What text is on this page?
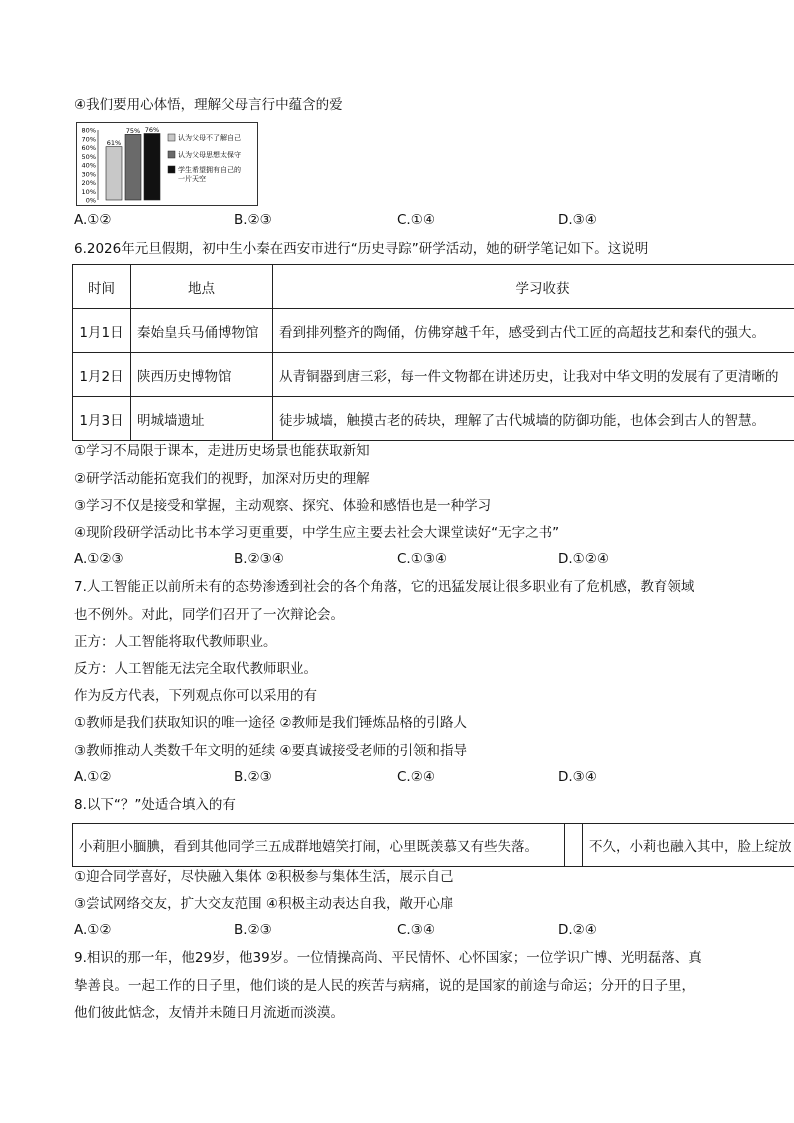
④我们要用心体悟，理解父母言行中蕴含的爱
80%
70%
60%
50%
40%
30%
20%
10%
0%
61%
75% 76%
认为父母不了解自己
认为父母思想太保守
学生希望拥有自己的
一片天空
A.①②	B.②③	C.①④	D.③④
6.2026年元旦假期，初中生小秦在西安市进行“历史寻踪”研学活动，她的研学笔记如下。这说明
时间	地点	学习收获
1月1日	秦始皇兵马俑博物馆	看到排列整齐的陶俑，仿佛穿越千年，感受到古代工匠的高超技艺和秦代的强大。
1月2日	陕西历史博物馆	从青铜器到唐三彩，每一件文物都在讲述历史，让我对中华文明的发展有了更清晰的
1月3日	明城墙遗址	徒步城墙，触摸古老的砖块，理解了古代城墙的防御功能，也体会到古人的智慧。
①学习不局限于课本，走进历史场景也能获取新知
②研学活动能拓宽我们的视野，加深对历史的理解
③学习不仅是接受和掌握，主动观察、探究、体验和感悟也是一种学习
④现阶段研学活动比书本学习更重要，中学生应主要去社会大课堂读好“无字之书”
A.①②③	B.②③④	C.①③④	D.①②④
7.人工智能正以前所未有的态势渗透到社会的各个角落，它的迅猛发展让很多职业有了危机感，教育领域
也不例外。对此，同学们召开了一次辩论会。
正方：人工智能将取代教师职业。
反方：人工智能无法完全取代教师职业。
作为反方代表，下列观点你可以采用的有
①教师是我们获取知识的唯一途径 ②教师是我们锤炼品格的引路人
③教师推动人类数千年文明的延续 ④要真诚接受老师的引领和指导
A.①②	B.②③	C.②④	D.③④
8.以下“？”处适合填入的有
小莉胆小腼腆，看到其他同学三五成群地嬉笑打闹，心里既羡慕又有些失落。		不久，小莉也融入其中，脸上绽放
①迎合同学喜好，尽快融入集体 ②积极参与集体生活，展示自己
③尝试网络交友，扩大交友范围 ④积极主动表达自我，敞开心扉
A.①②	B.②③	C.③④	D.②④
9.相识的那一年，他29岁，他39岁。一位情操高尚、平民情怀、心怀国家；一位学识广博、光明磊落、真
挚善良。一起工作的日子里，他们谈的是人民的疾苦与病痛，说的是国家的前途与命运；分开的日子里，
他们彼此惦念，友情并未随日月流逝而淡漠。
